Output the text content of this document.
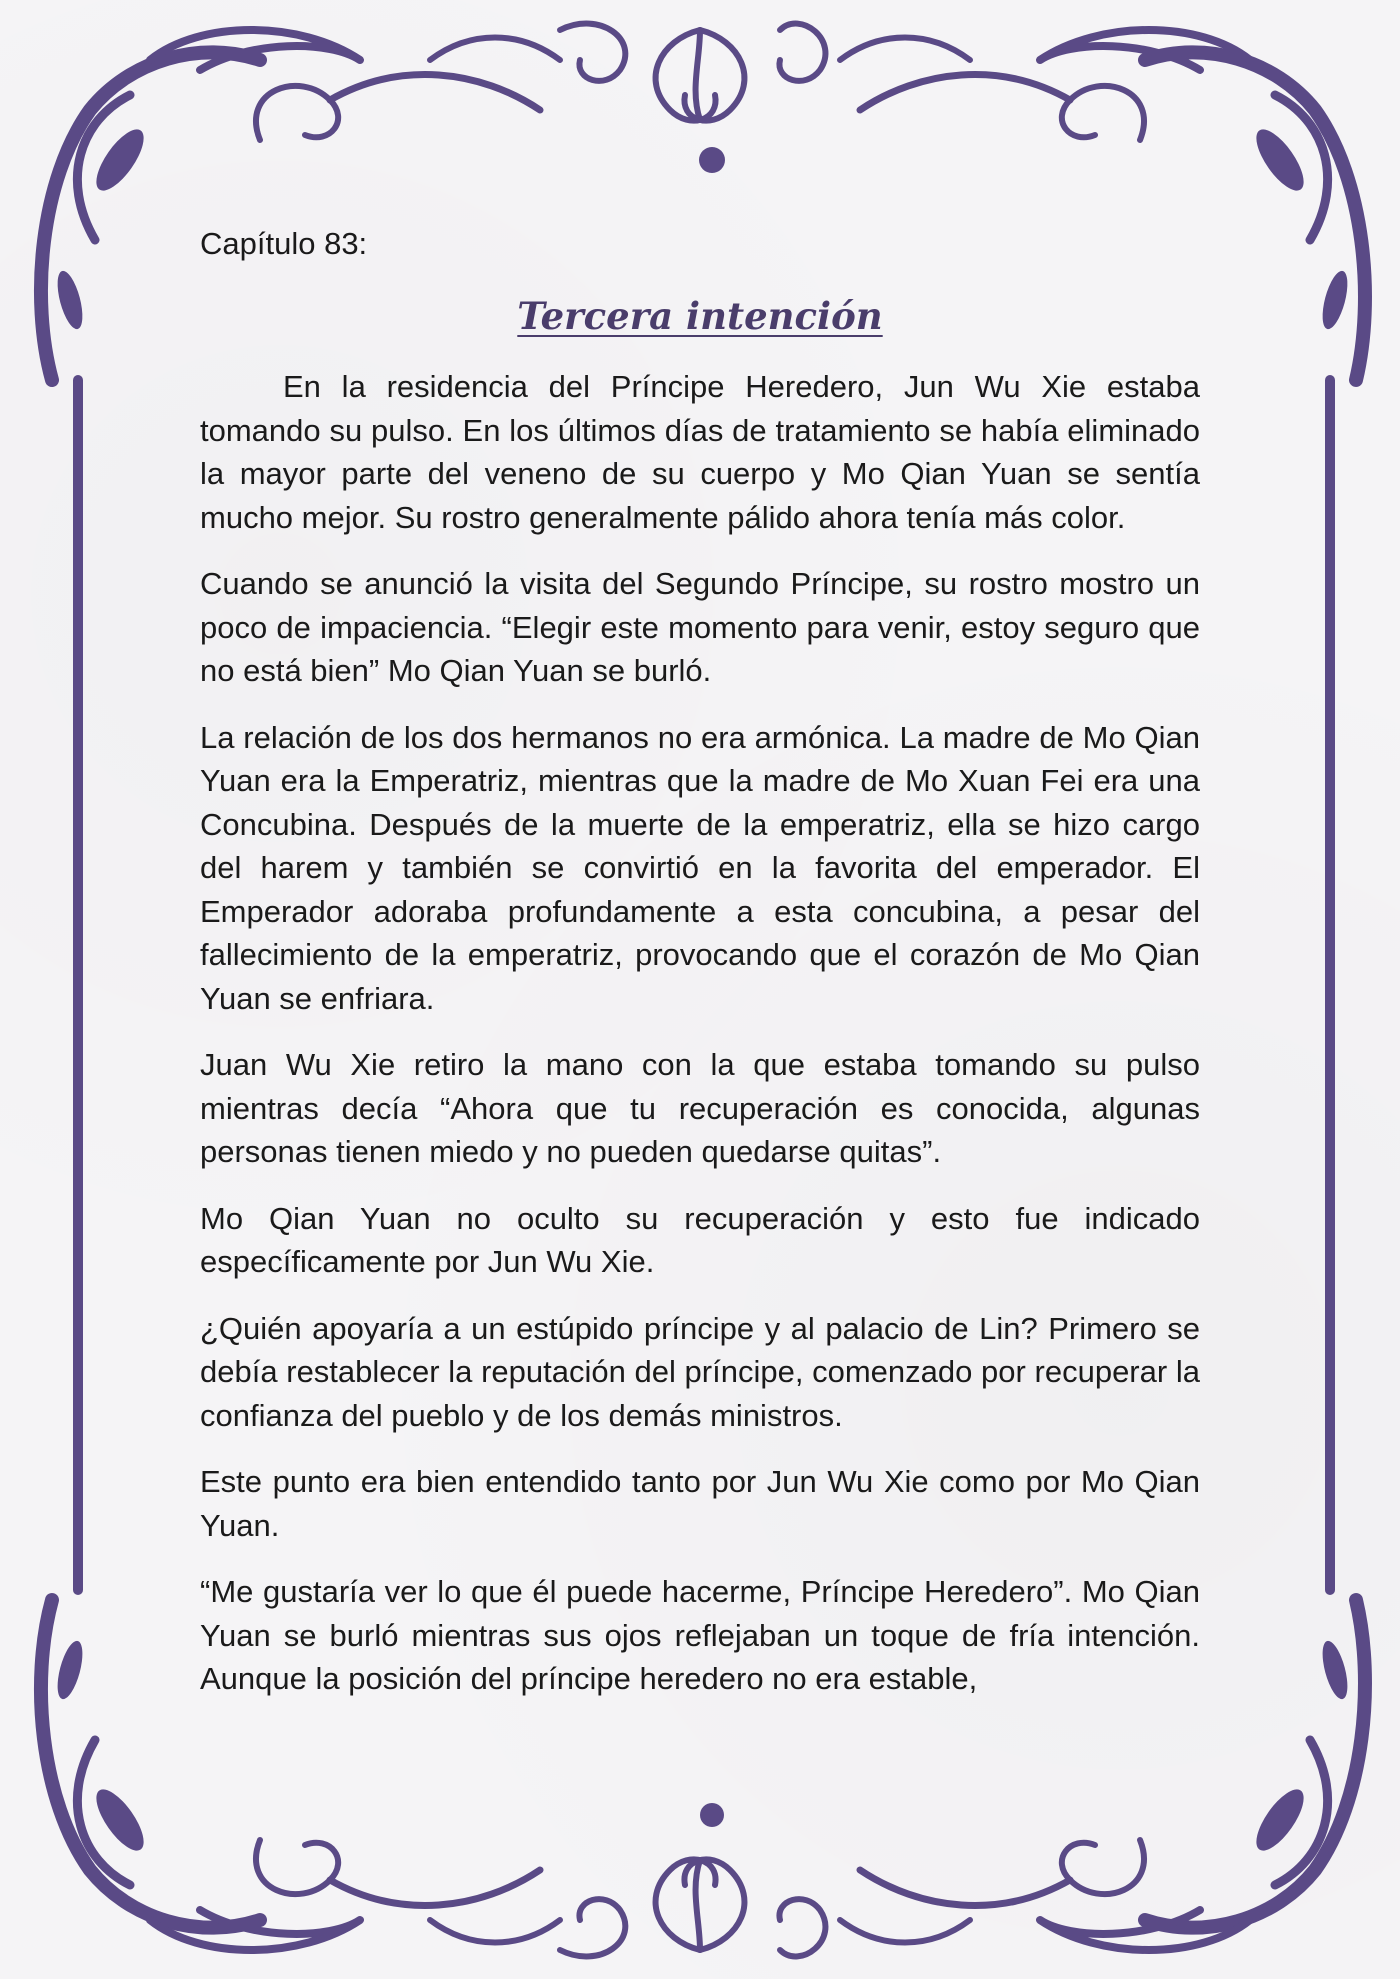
Capítulo 83:

Tercera intención

En la residencia del Príncipe Heredero, Jun Wu Xie estaba tomando su pulso. En los últimos días de tratamiento se había eliminado la mayor parte del veneno de su cuerpo y Mo Qian Yuan se sentía mucho mejor. Su rostro generalmente pálido ahora tenía más color.

Cuando se anunció la visita del Segundo Príncipe, su rostro mostro un poco de impaciencia. “Elegir este momento para venir, estoy seguro que no está bien” Mo Qian Yuan se burló.

La relación de los dos hermanos no era armónica. La madre de Mo Qian Yuan era la Emperatriz, mientras que la madre de Mo Xuan Fei era una Concubina. Después de la muerte de la emperatriz, ella se hizo cargo del harem y también se convirtió en la favorita del emperador. El Emperador adoraba profundamente a esta concubina, a pesar del fallecimiento de la emperatriz, provocando que el corazón de Mo Qian Yuan se enfriara.

Juan Wu Xie retiro la mano con la que estaba tomando su pulso mientras decía “Ahora que tu recuperación es conocida, algunas personas tienen miedo y no pueden quedarse quitas”.

Mo Qian Yuan no oculto su recuperación y esto fue indicado específicamente por Jun Wu Xie.

¿Quién apoyaría a un estúpido príncipe y al palacio de Lin? Primero se debía restablecer la reputación del príncipe, comenzado por recuperar la confianza del pueblo y de los demás ministros.

Este punto era bien entendido tanto por Jun Wu Xie como por Mo Qian Yuan.

“Me gustaría ver lo que él puede hacerme, Príncipe Heredero”. Mo Qian Yuan se burló mientras sus ojos reflejaban un toque de fría intención. Aunque la posición del príncipe heredero no era estable,
